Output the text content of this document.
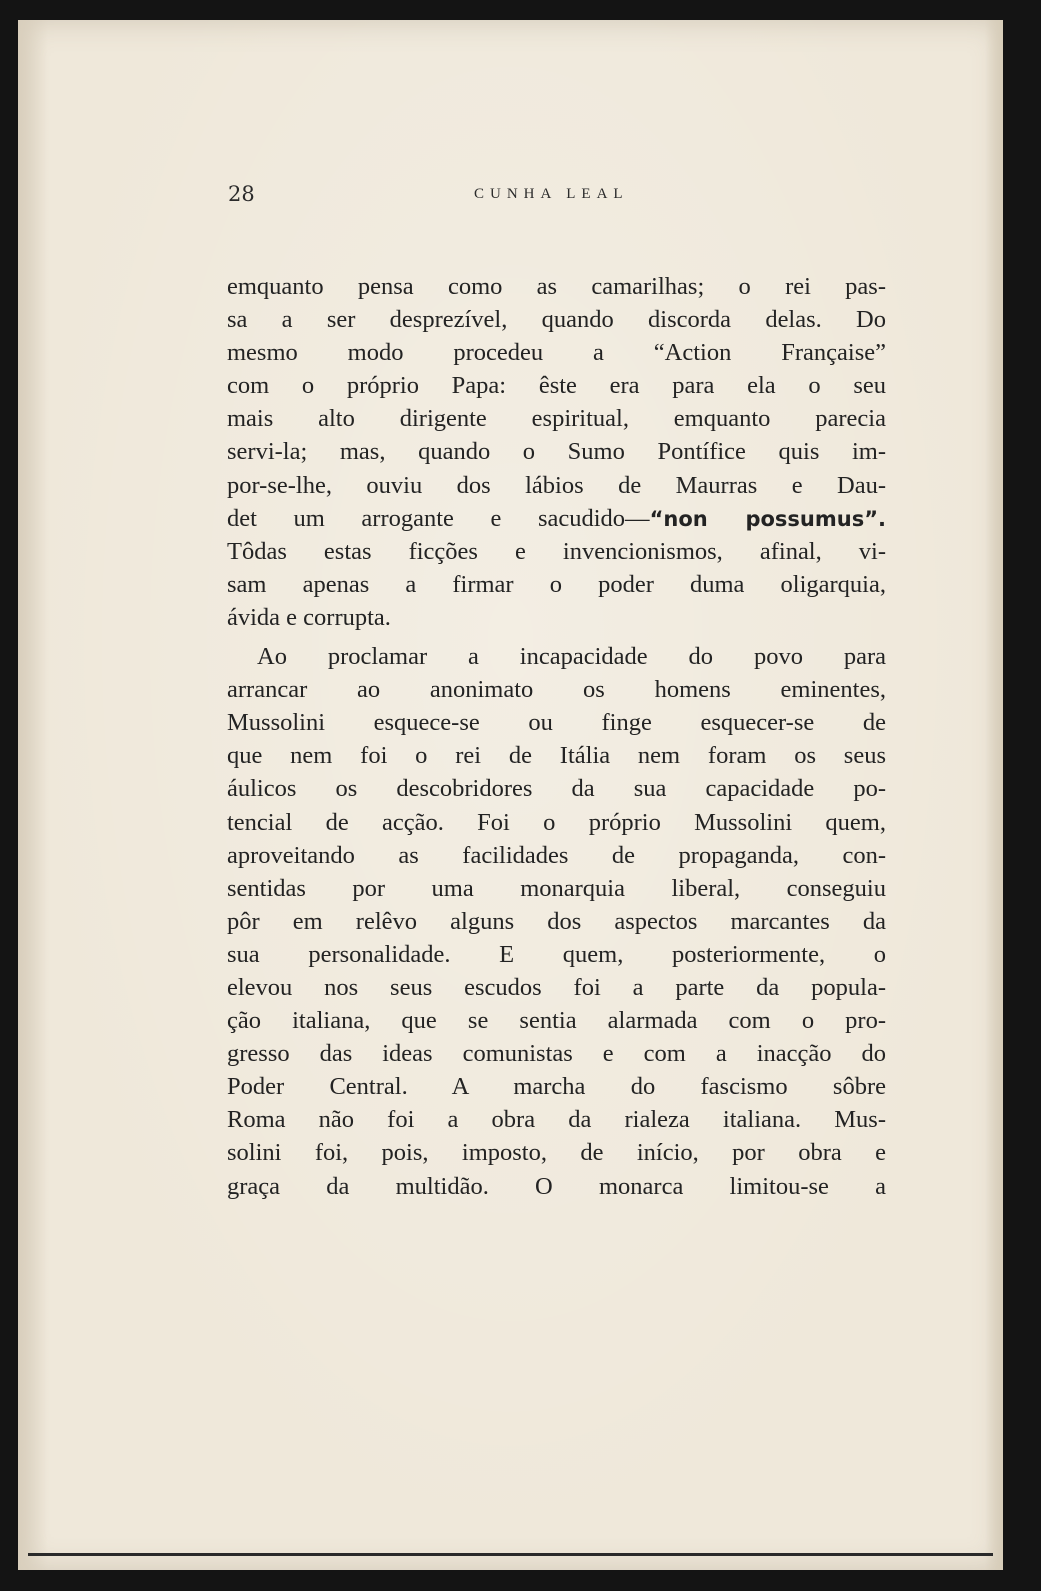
28	CUNHA LEAL
emquanto pensa como as camarilhas; o rei pas-
sa a ser desprezível, quando discorda delas. Do
mesmo modo procedeu a “Action Française”
com o próprio Papa: êste era para ela o seu
mais alto dirigente espiritual, emquanto parecia
servi-la; mas, quando o Sumo Pontífice quis im-
por-se-lhe, ouviu dos lábios de Maurras e Dau-
det um arrogante e sacudido—“non possumus”.
Tôdas estas ficções e invencionismos, afinal, vi-
sam apenas a firmar o poder duma oligarquia,
ávida e corrupta.
Ao proclamar a incapacidade do povo para
arrancar ao anonimato os homens eminentes,
Mussolini esquece-se ou finge esquecer-se de
que nem foi o rei de Itália nem foram os seus
áulicos os descobridores da sua capacidade po-
tencial de acção. Foi o próprio Mussolini quem,
aproveitando as facilidades de propaganda, con-
sentidas por uma monarquia liberal, conseguiu
pôr em relêvo alguns dos aspectos marcantes da
sua personalidade. E quem, posteriormente, o
elevou nos seus escudos foi a parte da popula-
ção italiana, que se sentia alarmada com o pro-
gresso das ideas comunistas e com a inacção do
Poder Central. A marcha do fascismo sôbre
Roma não foi a obra da rialeza italiana. Mus-
solini foi, pois, imposto, de início, por obra e
graça da multidão. O monarca limitou-se a
